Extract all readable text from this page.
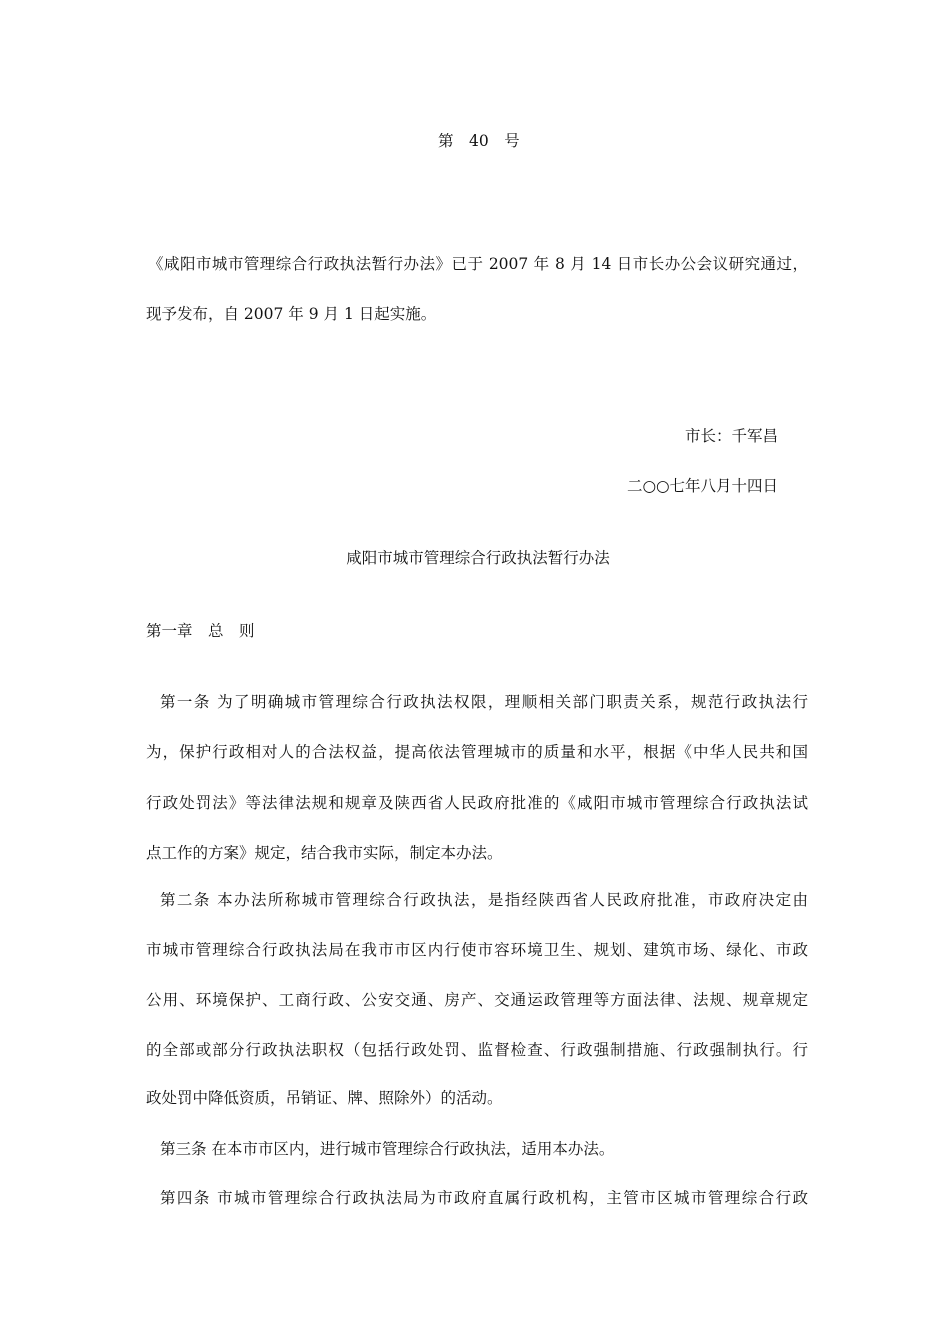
第　40　号
《咸阳市城市管理综合行政执法暂行办法》已于 2007 年 8 月 14 日市长办公会议研究通过，
现予发布，自 2007 年 9 月 1 日起实施。
市长：千军昌
二○○七年八月十四日
咸阳市城市管理综合行政执法暂行办法
第一章　总　则
第一条 为了明确城市管理综合行政执法权限，理顺相关部门职责关系，规范行政执法行
为，保护行政相对人的合法权益，提高依法管理城市的质量和水平，根据《中华人民共和国
行政处罚法》等法律法规和规章及陕西省人民政府批准的《咸阳市城市管理综合行政执法试
点工作的方案》规定，结合我市实际，制定本办法。
第二条 本办法所称城市管理综合行政执法，是指经陕西省人民政府批准，市政府决定由
市城市管理综合行政执法局在我市市区内行使市容环境卫生、规划、建筑市场、绿化、市政
公用、环境保护、工商行政、公安交通、房产、交通运政管理等方面法律、法规、规章规定
的全部或部分行政执法职权（包括行政处罚、监督检查、行政强制措施、行政强制执行。行
政处罚中降低资质，吊销证、牌、照除外）的活动。
第三条 在本市市区内，进行城市管理综合行政执法，适用本办法。
第四条 市城市管理综合行政执法局为市政府直属行政机构，主管市区城市管理综合行政
